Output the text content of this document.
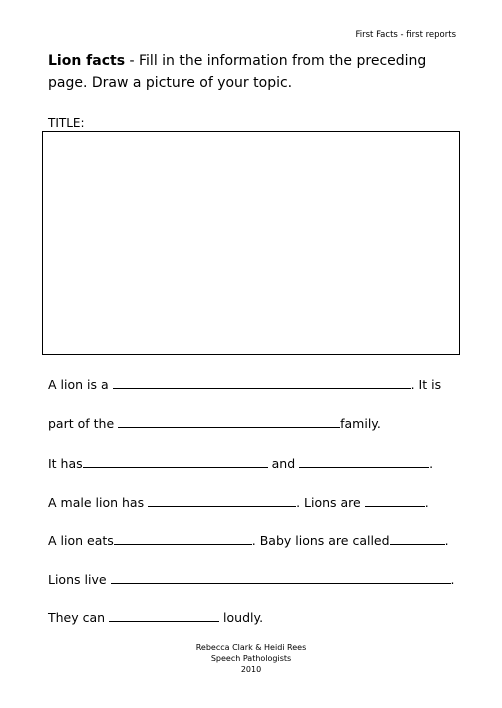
First Facts - first reports
Lion facts - Fill in the information from the preceding page. Draw a picture of your topic.
TITLE:
A lion is a	. It is
part of the	family.
It has	and	.
A male lion has	. Lions are	.
A lion eats	. Baby lions are called	.
Lions live	.
They can	loudly.
Rebecca Clark & Heidi Rees
Speech Pathologists
2010
